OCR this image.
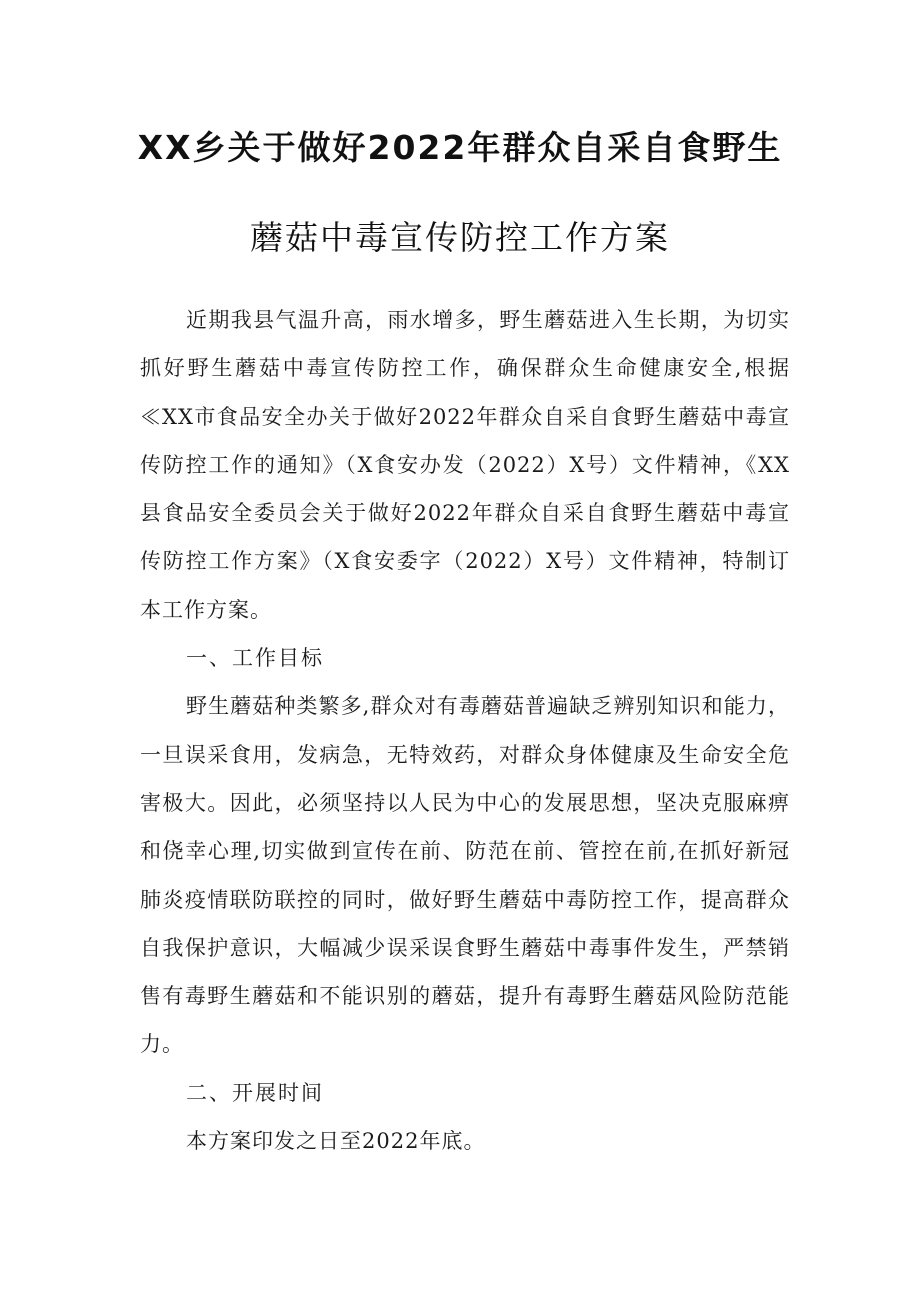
XX乡关于做好2022年群众自采自食野生
蘑菇中毒宣传防控工作方案

近期我县气温升高，雨水增多，野生蘑菇进入生长期，为切实抓好野生蘑菇中毒宣传防控工作，确保群众生命健康安全,根据≪XX市食品安全办关于做好2022年群众自采自食野生蘑菇中毒宣传防控工作的通知》（X食安办发（2022）X号）文件精神，《XX县食品安全委员会关于做好2022年群众自采自食野生蘑菇中毒宣传防控工作方案》（X食安委字（2022）X号）文件精神，特制订本工作方案。

一、工作目标

野生蘑菇种类繁多,群众对有毒蘑菇普遍缺乏辨别知识和能力，一旦误采食用，发病急，无特效药，对群众身体健康及生命安全危害极大。因此，必须坚持以人民为中心的发展思想，坚决克服麻痹和侥幸心理,切实做到宣传在前、防范在前、管控在前,在抓好新冠肺炎疫情联防联控的同时，做好野生蘑菇中毒防控工作，提高群众自我保护意识，大幅减少误采误食野生蘑菇中毒事件发生，严禁销售有毒野生蘑菇和不能识别的蘑菇，提升有毒野生蘑菇风险防范能力。

二、开展时间

本方案印发之日至2022年底。
